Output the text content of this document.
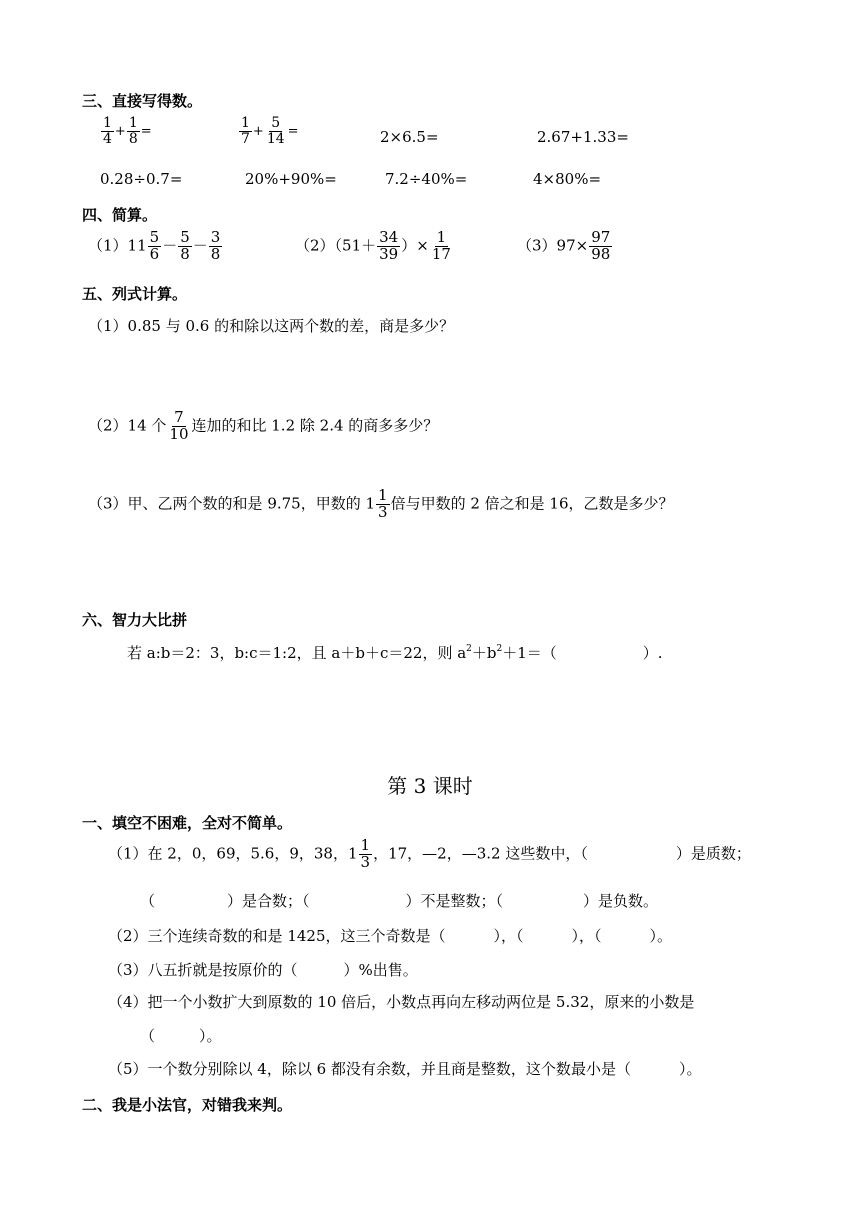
三、直接写得数。
$\frac{1}{4} + \frac{1}{8}$ =	$\frac{1}{7} + \frac{5}{14}$ =	2×6.5=	2.67+1.33=
0.28÷0.7=	20%+90%=	7.2÷40%=	4×80%=
四、简算。
$(1)11 \frac{5}{6} - \frac{5}{8} - \frac{3}{8}$	$(2)(51+ \frac{34}{39}$ ）× $\frac{1}{17}$	$(3)97\times \frac{97}{98}$
五、列式计算。
（1）0.85 与 0.6 的和除以这两个数的差，商是多少？
（2）14 个 $\frac{7}{10}$ 连加的和比 1.2 除 2.4 的商多多少？
（3）甲、乙两个数的和是 9.75，甲数的 $1 \frac{1}{3}$ 倍与甲数的 2 倍之和是 16，乙数是多少？
六、智力大比拼
若 a:b＝2：3，b:c＝1:2，且 a＋b＋c＝22，则 $a^2+b^2+1=$（	）.
第 3 课时
一、填空不困难，全对不简单。
（1）在 2，0，69，5.6，9，38，$1 \frac{1}{3}$ ，17，—2，—3.2 这些数中，（	）是质数；
（	）是合数；（	）不是整数；（	）是负数。
（2）三个连续奇数的和是 1425，这三个奇数是（	），（	），（	）。
（3）八五折就是按原价的（	）%出售。
（4）把一个小数扩大到原数的 10 倍后，小数点再向左移动两位是 5.32，原来的小数是
（	）。
（5）一个数分别除以 4，除以 6 都没有余数，并且商是整数，这个数最小是（	）。
二、我是小法官，对错我来判。
